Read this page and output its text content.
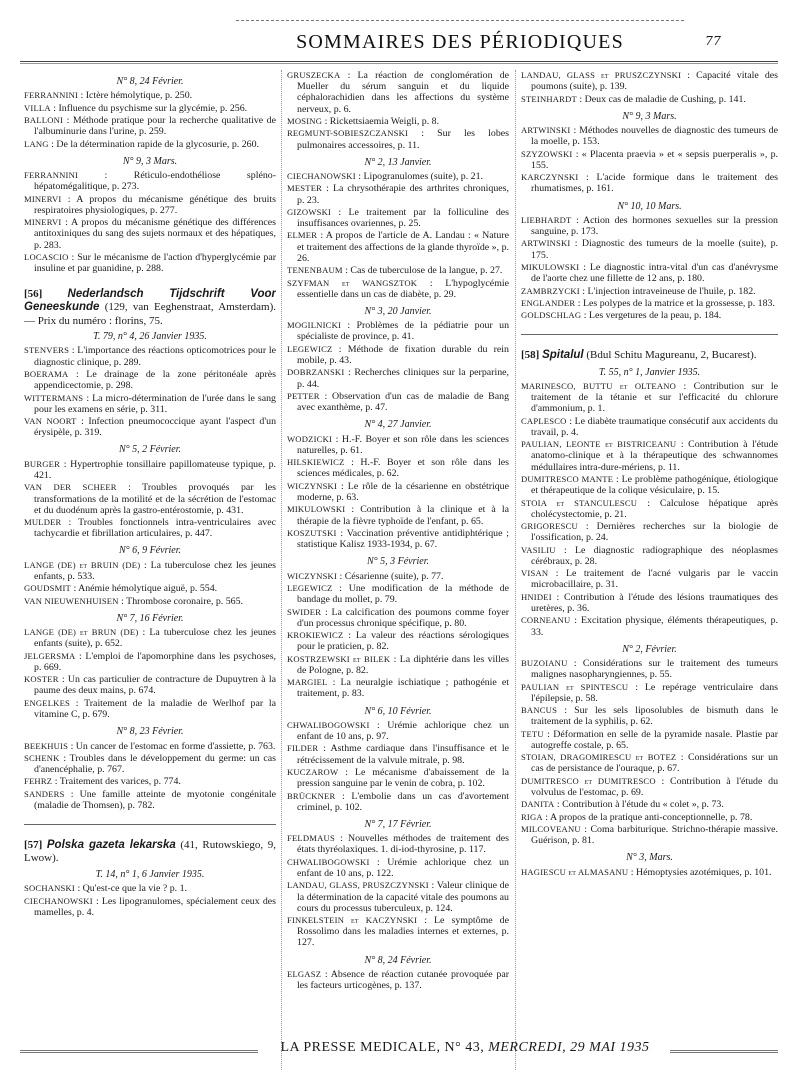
SOMMAIRES DES PÉRIODIQUES	77
N° 8, 24 Février.
FERRANNINI : Ictère hémolytique, p. 250.
VILLA : Influence du psychisme sur la glycémie, p. 256.
BALLONI : Méthode pratique pour la recherche qualitative de l'albuminurie dans l'urine, p. 259.
LANG : De la détermination rapide de la glycosurie, p. 260.
N° 9, 3 Mars.
FERRANNINI	: Réticulo-endothéliose spléno-hépatomégalitique, p. 273.
MINERVI : A propos du mécanisme génétique des bruits respiratoires physiologiques, p. 277.
MINERVI : A propos du mécanisme génétique des différences antitoxiniques du sang des sujets normaux et des hépatiques, p. 283.
LOCASCIO : Sur le mécanisme de l'action d'hyperglycémie par insuline et par guanidine, p. 288.
[56] Nederlandsch Tijdschrift Voor Geneeskunde (129, van Eeghenstraat, Amsterdam). — Prix du numéro : florins, 75.
T. 79, n° 4, 26 Janvier 1935.
STENVERS : L'importance des réactions opticomotrices pour le diagnostic clinique, p. 289.
BOERAMA : Le drainage de la zone péritonéale après appendicectomie, p. 298.
WITTERMANS : La micro-détermination de l'urée dans le sang pour les examens en série, p. 311.
VAN NOORT : Infection pneumococcique ayant l'aspect d'un érysipèle, p. 319.
N° 5, 2 Février.
BURGER : Hypertrophie tonsillaire papillomateuse typique, p. 421.
VAN DER SCHEER : Troubles provoqués par les transformations de la motilité et de la sécrétion de l'estomac et du duodénum après la gastro-entérostomie, p. 431.
MULDER : Troubles fonctionnels intra-ventriculaires avec tachycardie et fibrillation articulaires, p. 447.
N° 6, 9 Février.
LANGE (DE) et BRUIN (DE) : La tuberculose chez les jeunes enfants, p. 533.
GOUDSMIT : Anémie hémolytique aiguë, p. 554.
VAN NIEUWENHUISEN : Thrombose coronaire, p. 565.
N° 7, 16 Février.
LANGE (DE) et BRUN (DE) : La tuberculose chez les jeunes enfants (suite), p. 652.
JELGERSMA : L'emploi de l'apomorphine dans les psychoses, p. 669.
KOSTER : Un cas particulier de contracture de Dupuytren à la paume des deux mains, p. 674.
ENGELKES : Traitement de la maladie de Werlhof par la vitamine C, p. 679.
N° 8, 23 Février.
BEEKHUIS : Un cancer de l'estomac en forme d'assiette, p. 763.
SCHENK : Troubles dans le développement du germe: un cas d'anencéphalie, p. 767.
FEHRZ : Traitement des varices, p. 774.
SANDERS : Une famille atteinte de myotonie congénitale (maladie de Thomsen), p. 782.
[57] Polska gazeta lekarska (41, Rutowskiego, 9, Lwow).
T. 14, n° 1, 6 Janvier 1935.
SOCHANSKI : Qu'est-ce que la vie ? p. 1.
CIECHANOWSKI : Les lipogranulomes, spécialement ceux des mamelles, p. 4.
GRUSZECKA : La réaction de conglomération de Mueller du sérum sanguin et du liquide céphalorachidien dans les affections du système nerveux, p. 6.
MOSING : Rickettsiaemia Weigli, p. 8.
REGMUNT-SOBIESZCZANSKI : Sur les lobes pulmonaires accessoires, p. 11.
N° 2, 13 Janvier.
CIECHANOWSKI : Lipogranulomes (suite), p. 21.
MESTER : La chrysothérapie des arthrites chroniques, p. 23.
GIZOWSKI : Le traitement par la folliculine des insuffisances ovariennes, p. 25.
ELMER : A propos de l'article de A. Landau : « Nature et traitement des affections de la glande thyroïde », p. 26.
TENENBAUM : Cas de tuberculose de la langue, p. 27.
SZYFMAN et WANGSZTOK : L'hypoglycémie essentielle dans un cas de diabète, p. 29.
N° 3, 20 Janvier.
MOGILNICKI : Problèmes de la pédiatrie pour un spécialiste de province, p. 41.
LEGEWICZ : Méthode de fixation durable du rein mobile, p. 43.
DOBRZANSKI : Recherches cliniques sur la perparine, p. 44.
PETTER : Observation d'un cas de maladie de Bang avec exanthème, p. 47.
N° 4, 27 Janvier.
WODZICKI : H.-F. Boyer et son rôle dans les sciences naturelles, p. 61.
HILSKIEWICZ : H.-F. Boyer et son rôle dans les sciences médicales, p. 62.
WICZYNSKI : Le rôle de la césarienne en obstétrique moderne, p. 63.
MIKULOWSKI : Contribution à la clinique et à la thérapie de la fièvre typhoïde de l'enfant, p. 65.
KOSZUTSKI : Vaccination préventive antidiphtérique ; statistique Kalisz 1933-1934, p. 67.
N° 5, 3 Février.
WICZYNSKI : Césarienne (suite), p. 77.
LEGEWICZ : Une modification de la méthode de bandage du mollet, p. 79.
SWIDER : La calcification des poumons comme foyer d'un processus chronique spécifique, p. 80.
KROKIEWICZ : La valeur des réactions sérologiques pour le praticien, p. 82.
KOSTRZEWSKI et BILEK : La diphtérie dans les villes de Pologne, p. 82.
MARGIEL : La neuralgie ischiatique ; pathogénie et traitement, p. 83.
N° 6, 10 Février.
CHWALIBOGOWSKI : Urémie achlorique chez un enfant de 10 ans, p. 97.
FILDER : Asthme cardiaque dans l'insuffisance et le rétrécissement de la valvule mitrale, p. 98.
KUCZAROW : Le mécanisme d'abaissement de la pression sanguine par le venin de cobra, p. 102.
BRÜCKNER : L'embolie dans un cas d'avortement criminel, p. 102.
N° 7, 17 Février.
FELDMAUS : Nouvelles méthodes de traitement des états thyréolaxiques. 1. di-iod-thyrosine, p. 117.
CHWALIBOGOWSKI : Urémie achlorique chez un enfant de 10 ans, p. 122.
LANDAU, GLASS, PRUSZCZYNSKI : Valeur clinique de la détermination de la capacité vitale des poumons au cours du processus tuberculeux, p. 124.
FINKELSTEIN et KACZYNSKI : Le symptôme de Rossolimo dans les maladies internes et externes, p. 127.
N° 8, 24 Février.
ELGASZ : Absence de réaction cutanée provoquée par les facteurs urticogènes, p. 137.
LANDAU, GLASS et PRUSZCZYNSKI : Capacité vitale des poumons (suite), p. 139.
STEINHARDT : Deux cas de maladie de Cushing, p. 141.
N° 9, 3 Mars.
ARTWINSKI : Méthodes nouvelles de diagnostic des tumeurs de la moelle, p. 153.
SZYZOWSKI : « Placenta praevia » et « sepsis puerperalis », p. 155.
KARCZYNSKI : L'acide formique dans le traitement des rhumatismes, p. 161.
N° 10, 10 Mars.
LIEBHARDT : Action des hormones sexuelles sur la pression sanguine, p. 173.
ARTWINSKI : Diagnostic des tumeurs de la moelle (suite), p. 175.
MIKULOWSKI : Le diagnostic intra-vital d'un cas d'anévrysme de l'aorte chez une fillette de 12 ans, p. 180.
ZAMBRZYCKI : L'injection intraveineuse de l'huile, p. 182.
ENGLANDER : Les polypes de la matrice et la grossesse, p. 183.
GOLDSCHLAG : Les vergetures de la peau, p. 184.
[58] Spitalul (Bdul Schitu Magureanu, 2, Bucarest).
T. 55, n° 1, Janvier 1935.
MARINESCO, BUTTU et OLTEANO : Contribution sur le traitement de la tétanie et sur l'efficacité du chlorure d'ammonium, p. 1.
CAPLESCO : Le diabète traumatique consécutif aux accidents du travail, p. 4.
PAULIAN, LEONTE et BISTRICEANU : Contribution à l'étude anatomo-clinique et à la thérapeutique des schwannomes médullaires intra-dure-mériens, p. 11.
DUMITRESCO MANTE : Le problème pathogénique, étiologique et thérapeutique de la colique vésiculaire, p. 15.
STOIA et STANCULESCU : Calculose hépatique après cholécystectomie, p. 21.
GRIGORESCU : Dernières recherches sur la biologie de l'ossification, p. 24.
VASILIU : Le diagnostic radiographique des néoplasmes cérébraux, p. 28.
VISAN : Le traitement de l'acné vulgaris par le vaccin microbacillaire, p. 31.
HNIDEI : Contribution à l'étude des lésions traumatiques des uretères, p. 36.
CORNEANU : Excitation physique, éléments thérapeutiques, p. 33.
N° 2, Février.
BUZOIANU : Considérations sur le traitement des tumeurs malignes nasopharyngiennes, p. 55.
PAULIAN et SPINTESCU : Le repérage ventriculaire dans l'épilepsie, p. 58.
BANCUS : Sur les sels liposolubles de bismuth dans le traitement de la syphilis, p. 62.
TETU : Déformation en selle de la pyramide nasale. Plastie par autogreffe costale, p. 65.
STOIAN, DRAGOMIRESCU et BOTEZ : Considérations sur un cas de persistance de l'ouraque, p. 67.
DUMITRESCO et DUMITRESCO : Contribution à l'étude du volvulus de l'estomac, p. 69.
DANITA : Contribution à l'étude du « colet », p. 73.
RIGA : A propos de la pratique anti-conceptionnelle, p. 78.
MILCOVEANU : Coma barbiturique. Strichno-thérapie massive. Guérison, p. 81.
N° 3, Mars.
HAGIESCU et ALMASANU : Hémoptysies azotémiques, p. 101.
LA PRESSE MEDICALE, N° 43, MERCREDI, 29 MAI 1935
